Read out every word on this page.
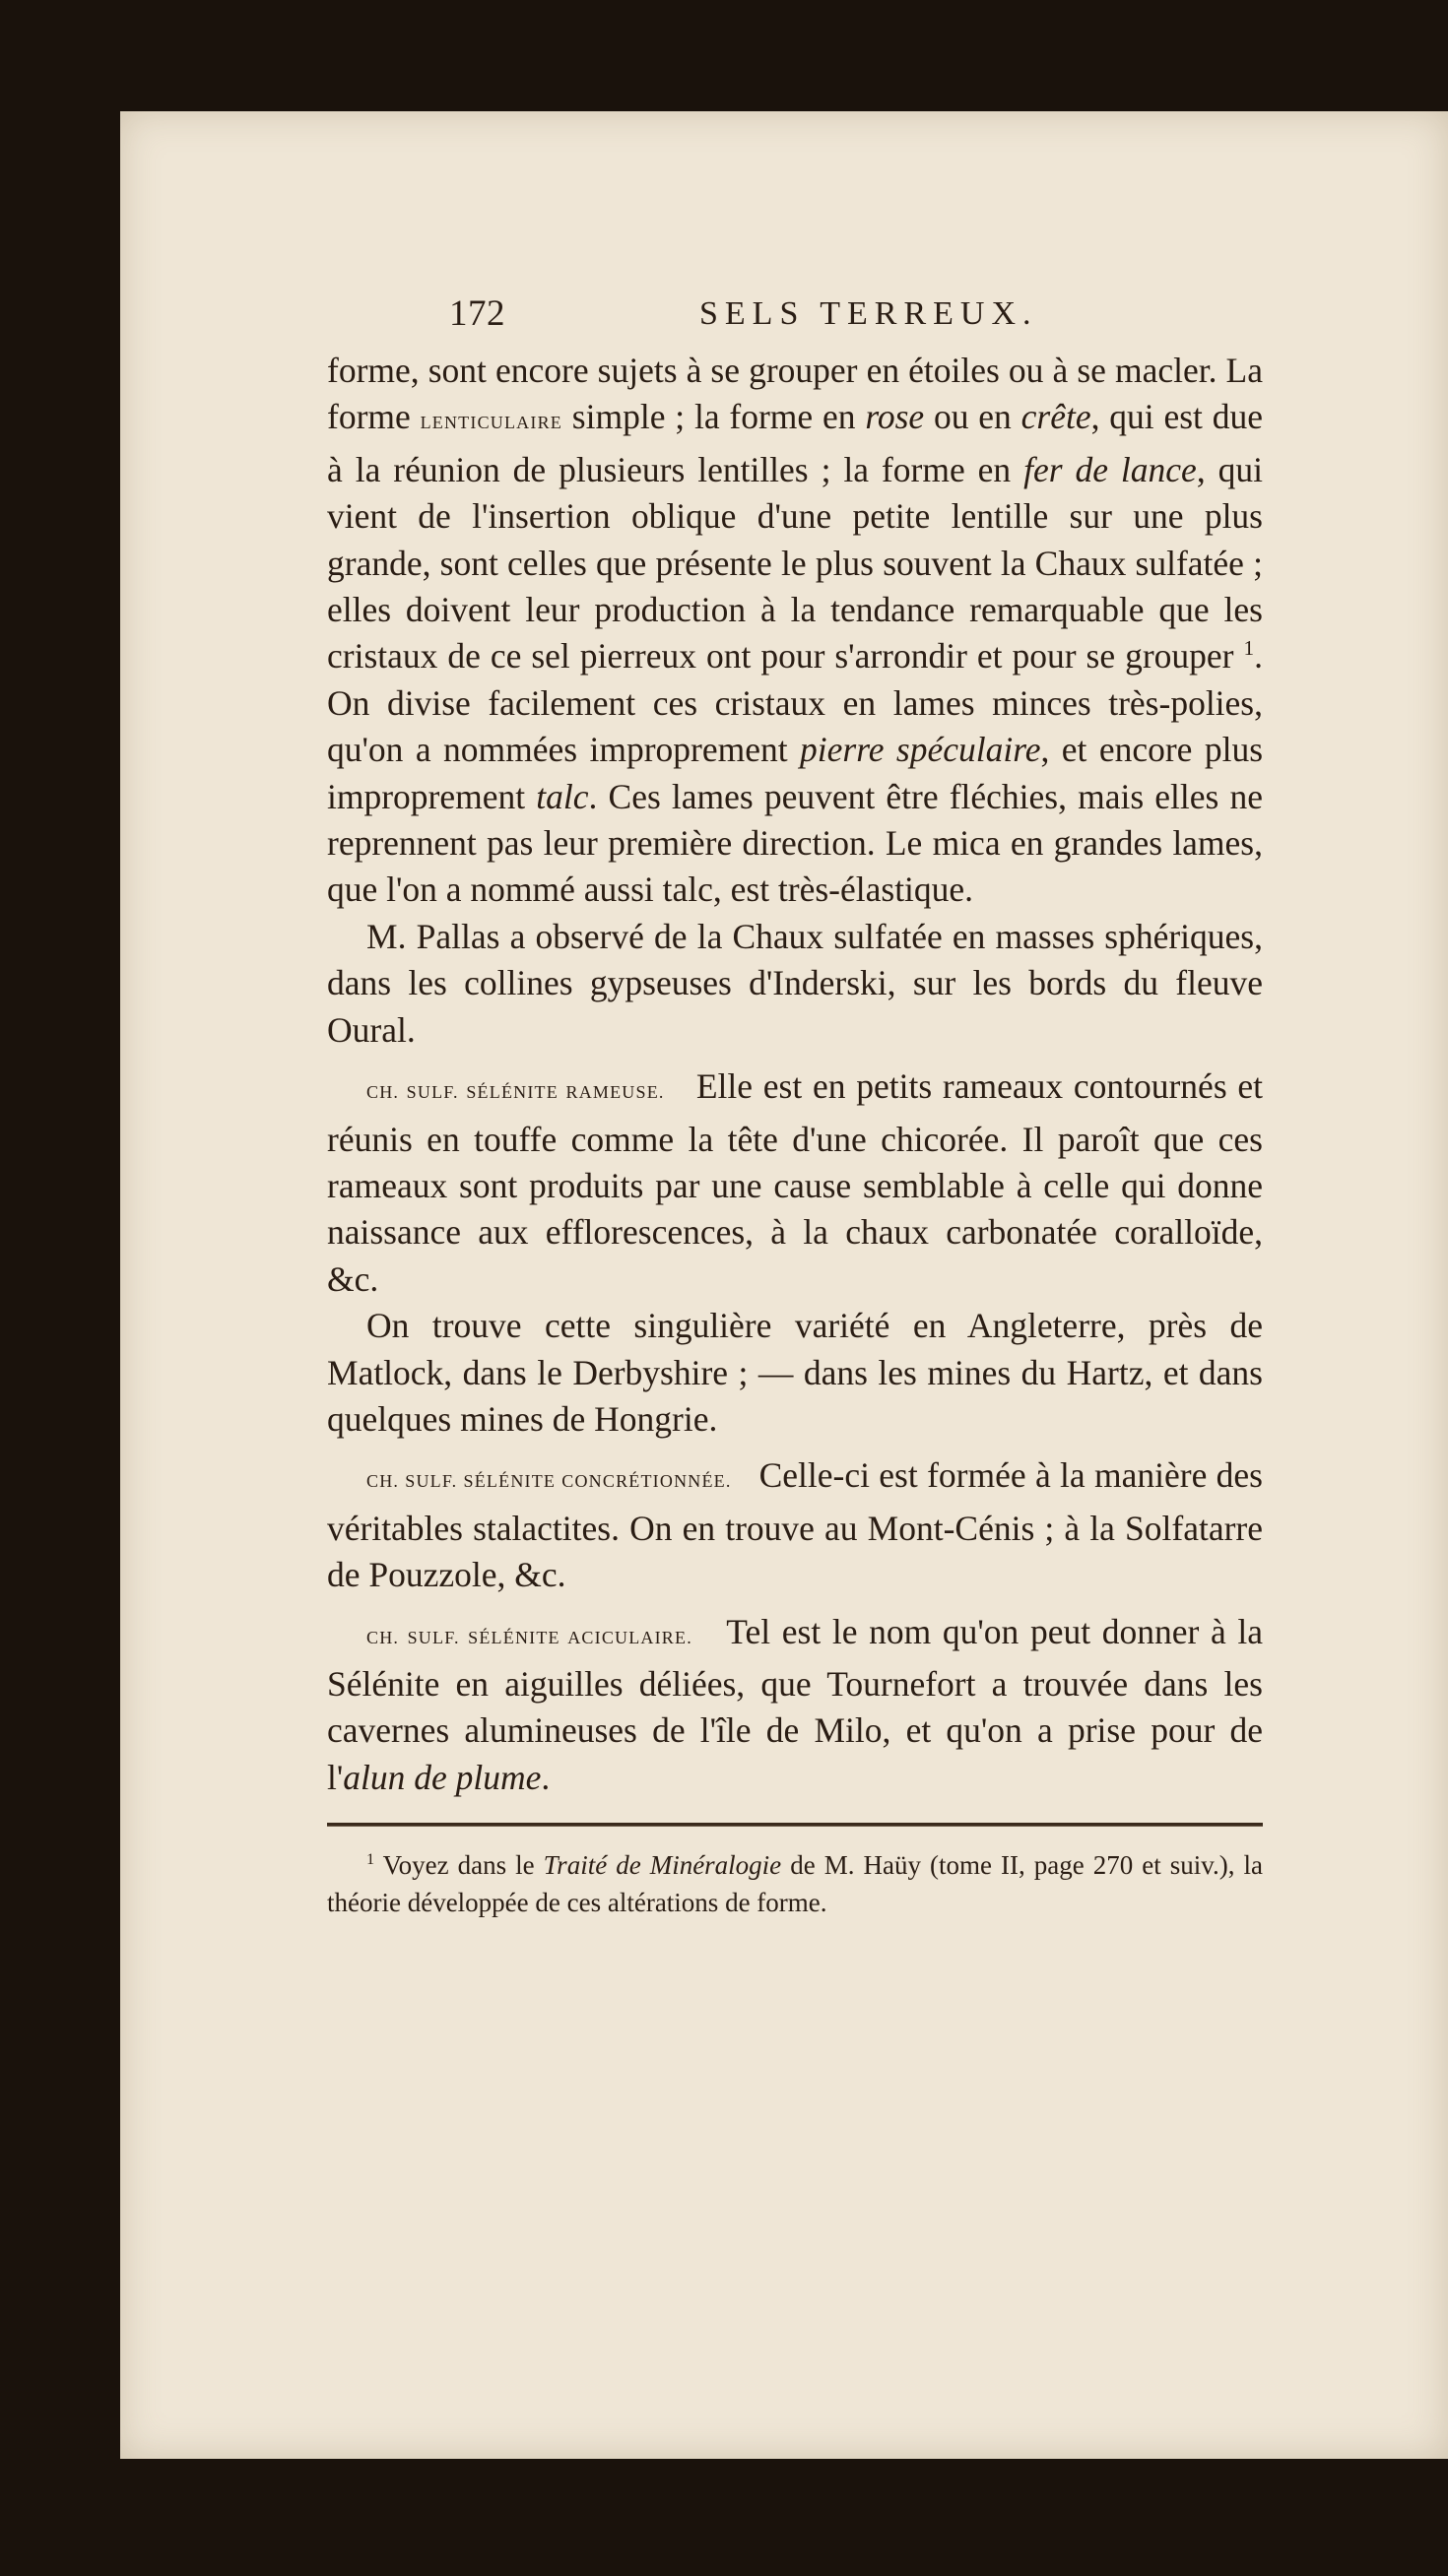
172	SELS TERREUX.

forme, sont encore sujets à se grouper en étoiles ou à se macler. La forme LENTICULAIRE simple ; la forme en rose ou en crête, qui est due à la réunion de plusieurs lentilles ; la forme en fer de lance, qui vient de l'insertion oblique d'une petite lentille sur une plus grande, sont celles que présente le plus souvent la Chaux sulfatée ; elles doivent leur production à la tendance remarquable que les cristaux de ce sel pierreux ont pour s'arrondir et pour se grouper $^1$. On divise facilement ces cristaux en lames minces très-polies, qu'on a nommées improprement pierre spéculaire, et encore plus improprement talc. Ces lames peuvent être fléchies, mais elles ne reprennent pas leur première direction. Le mica en grandes lames, que l'on a nommé aussi talc, est très-élastique.

M. Pallas a observé de la Chaux sulfatée en masses sphériques, dans les collines gypseuses d'Inderski, sur les bords du fleuve Oural.

CH. SULF. SÉLÉNITE RAMEUSE. Elle est en petits rameaux contournés et réunis en touffe comme la tête d'une chicorée. Il paroît que ces rameaux sont produits par une cause semblable à celle qui donne naissance aux efflorescences, à la chaux carbonatée coralloïde, &c.

On trouve cette singulière variété en Angleterre, près de Matlock, dans le Derbyshire ; — dans les mines du Hartz, et dans quelques mines de Hongrie.

CH. SULF. SÉLÉNITE CONCRÉTIONNÉE. Celle-ci est formée à la manière des véritables stalactites. On en trouve au Mont-Cénis ; à la Solfatarre de Pouzzole, &c.

CH. SULF. SÉLÉNITE ACICULAIRE. Tel est le nom qu'on peut donner à la Sélénite en aiguilles déliées, que Tournefort a trouvée dans les cavernes alumineuses de l'île de Milo, et qu'on a prise pour de l'alun de plume.

$^1$ Voyez dans le Traité de Minéralogie de M. Haüy (tome II, page 270 et suiv.), la théorie développée de ces altérations de forme.
